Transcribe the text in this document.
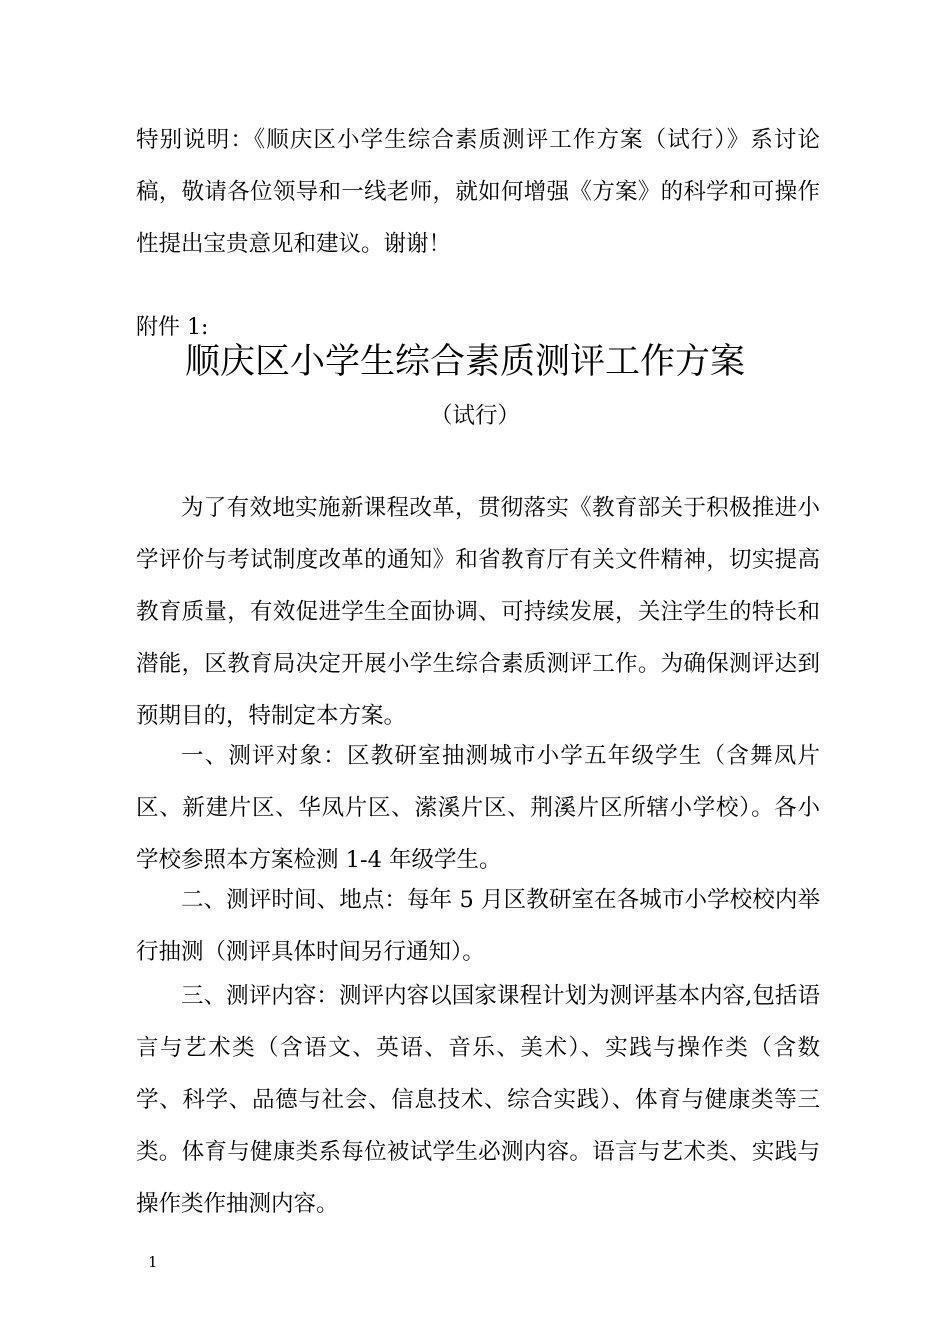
特别说明：《顺庆区小学生综合素质测评工作方案（试行）》系讨论稿，敬请各位领导和一线老师，就如何增强《方案》的科学和可操作性提出宝贵意见和建议。谢谢！

附件 1:

顺庆区小学生综合素质测评工作方案

（试行）

为了有效地实施新课程改革，贯彻落实《教育部关于积极推进小学评价与考试制度改革的通知》和省教育厅有关文件精神，切实提高教育质量，有效促进学生全面协调、可持续发展，关注学生的特长和潜能，区教育局决定开展小学生综合素质测评工作。为确保测评达到预期目的，特制定本方案。

一、测评对象：区教研室抽测城市小学五年级学生（含舞凤片区、新建片区、华凤片区、潆溪片区、荆溪片区所辖小学校）。各小学校参照本方案检测 1-4 年级学生。

二、测评时间、地点：每年 5 月区教研室在各城市小学校校内举行抽测（测评具体时间另行通知）。

三、测评内容：测评内容以国家课程计划为测评基本内容,包括语言与艺术类（含语文、英语、音乐、美术）、实践与操作类（含数学、科学、品德与社会、信息技术、综合实践）、体育与健康类等三类。体育与健康类系每位被试学生必测内容。语言与艺术类、实践与操作类作抽测内容。

1
